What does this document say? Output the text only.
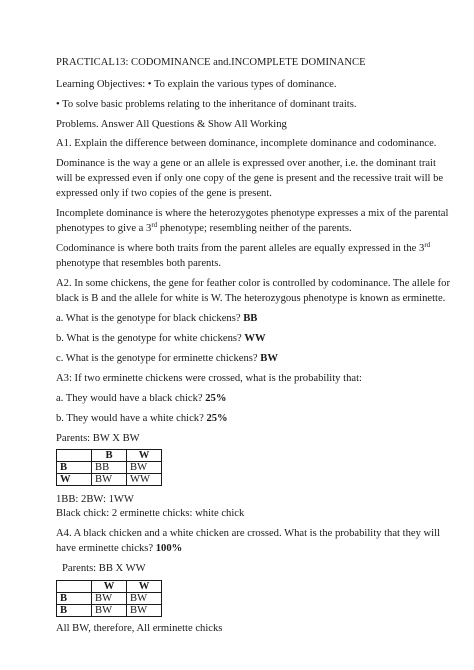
PRACTICAL13: CODOMINANCE and.INCOMPLETE DOMINANCE
Learning Objectives: • To explain the various types of dominance.
• To solve basic problems relating to the inheritance of dominant traits.
Problems. Answer All Questions & Show All Working
A1. Explain the difference between dominance, incomplete dominance and codominance.
Dominance is the way a gene or an allele is expressed over another, i.e. the dominant trait
will be expressed even if only one copy of the gene is present and the recessive trait will be
expressed only if two copies of the gene is present.
Incomplete dominance is where the heterozygotes phenotype expresses a mix of the parental
phenotypes to give a 3rd phenotype; resembling neither of the parents.
Codominance is where both traits from the parent alleles are equally expressed in the 3rd
phenotype that resembles both parents.
A2. In some chickens, the gene for feather color is controlled by codominance. The allele for
black is B and the allele for white is W. The heterozygous phenotype is known as erminette.
a. What is the genotype for black chickens? BB
b. What is the genotype for white chickens? WW
c. What is the genotype for erminette chickens? BW
A3: If two erminette chickens were crossed, what is the probability that:
a. They would have a black chick? 25%
b. They would have a white chick? 25%
Parents: BW X BW
	B	W
B	BB	BW
W	BW	WW
1BB: 2BW: 1WW
Black chick: 2 erminette chicks: white chick
A4. A black chicken and a white chicken are crossed. What is the probability that they will
have erminette chicks? 100%
Parents: BB X WW
	W	W
B	BW	BW
B	BW	BW
All BW, therefore, All erminette chicks
